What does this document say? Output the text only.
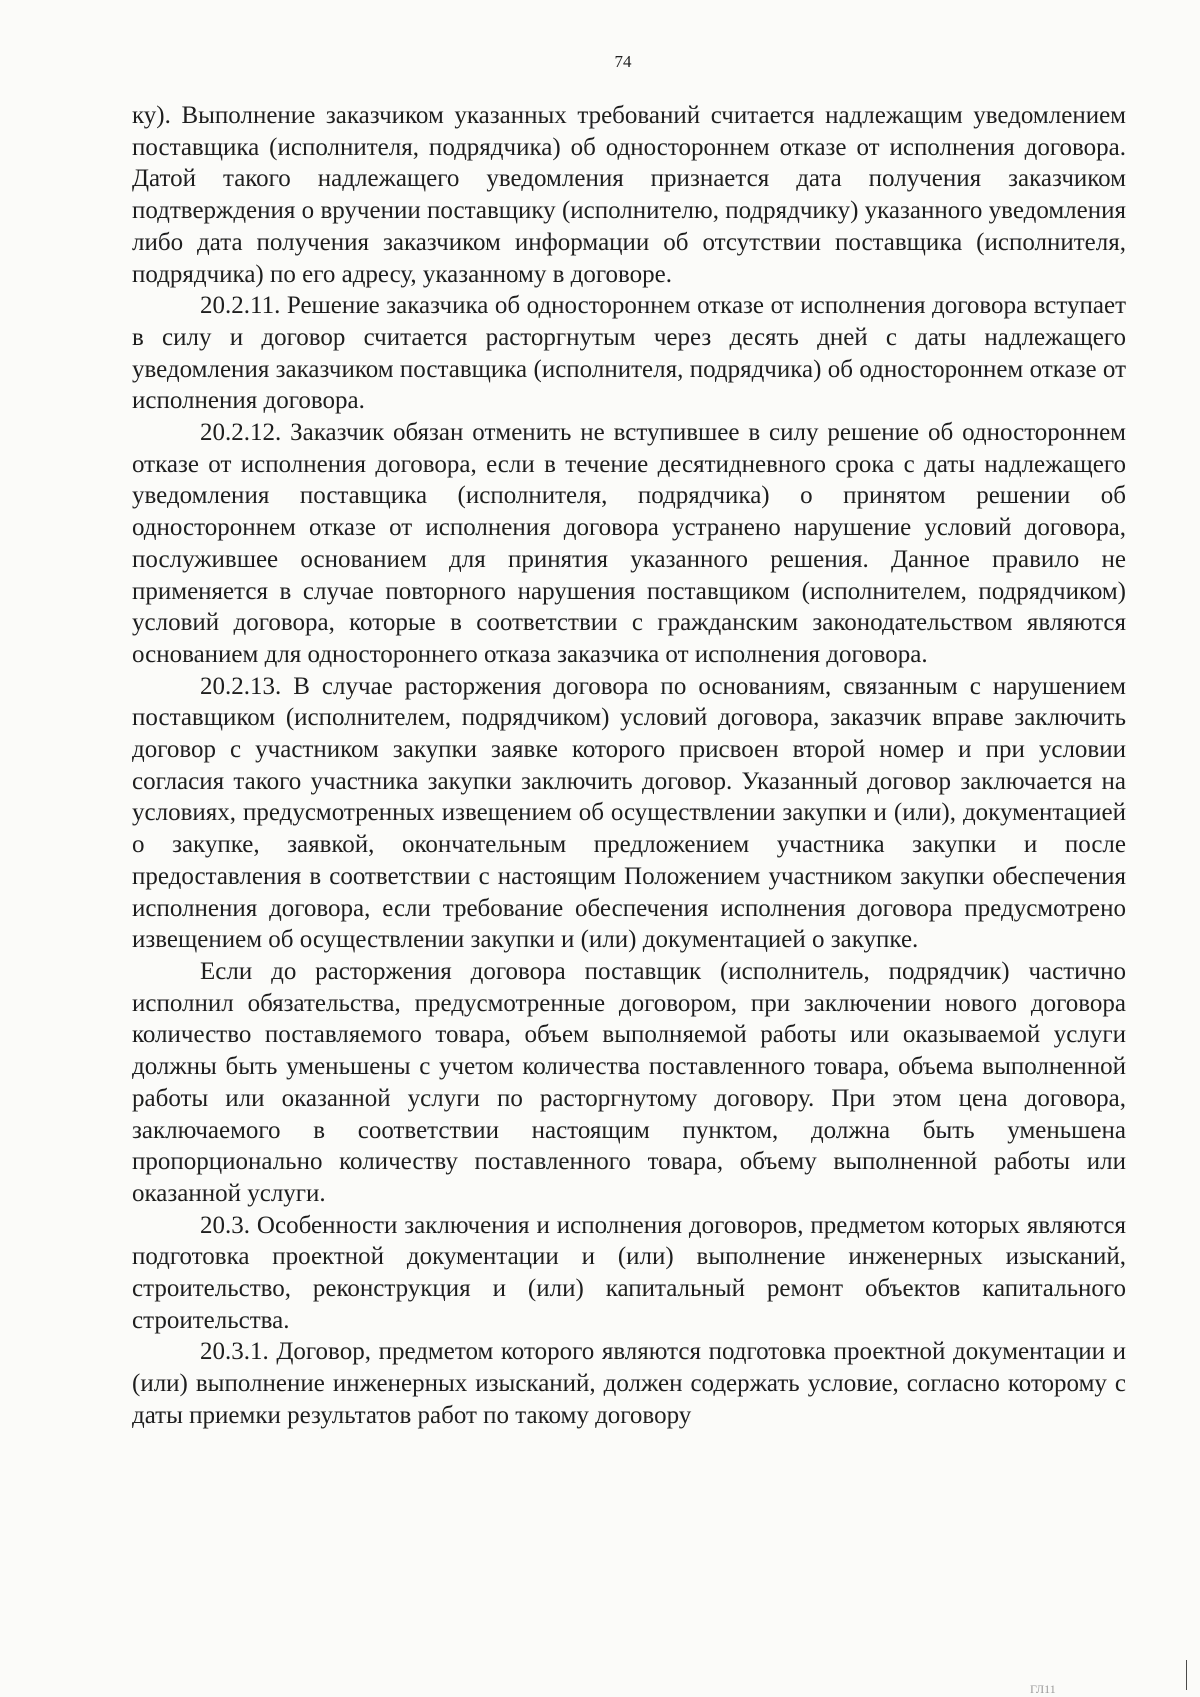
74

ку). Выполнение заказчиком указанных требований считается надлежащим уведомлением поставщика (исполнителя, подрядчика) об одностороннем отказе от исполнения договора. Датой такого надлежащего уведомления признается дата получения заказчиком подтверждения о вручении поставщику (исполнителю, подрядчику) указанного уведомления либо дата получения заказчиком информации об отсутствии поставщика (исполнителя, подрядчика) по его адресу, указанному в договоре.

20.2.11. Решение заказчика об одностороннем отказе от исполнения договора вступает в силу и договор считается расторгнутым через десять дней с даты надлежащего уведомления заказчиком поставщика (исполнителя, подрядчика) об одностороннем отказе от исполнения договора.

20.2.12. Заказчик обязан отменить не вступившее в силу решение об одностороннем отказе от исполнения договора, если в течение десятидневного срока с даты надлежащего уведомления поставщика (исполнителя, подрядчика) о принятом решении об одностороннем отказе от исполнения договора устранено нарушение условий договора, послужившее основанием для принятия указанного решения. Данное правило не применяется в случае повторного нарушения поставщиком (исполнителем, подрядчиком) условий договора, которые в соответствии с гражданским законодательством являются основанием для одностороннего отказа заказчика от исполнения договора.

20.2.13. В случае расторжения договора по основаниям, связанным с нарушением поставщиком (исполнителем, подрядчиком) условий договора, заказчик вправе заключить договор с участником закупки заявке которого присвоен второй номер и при условии согласия такого участника закупки заключить договор. Указанный договор заключается на условиях, предусмотренных извещением об осуществлении закупки и (или), документацией о закупке, заявкой, окончательным предложением участника закупки и после предоставления в соответствии с настоящим Положением участником закупки обеспечения исполнения договора, если требование обеспечения исполнения договора предусмотрено извещением об осуществлении закупки и (или) документацией о закупке.

Если до расторжения договора поставщик (исполнитель, подрядчик) частично исполнил обязательства, предусмотренные договором, при заключении нового договора количество поставляемого товара, объем выполняемой работы или оказываемой услуги должны быть уменьшены с учетом количества поставленного товара, объема выполненной работы или оказанной услуги по расторгнутому договору. При этом цена договора, заключаемого в соответствии настоящим пунктом, должна быть уменьшена пропорционально количеству поставленного товара, объему выполненной работы или оказанной услуги.

20.3. Особенности заключения и исполнения договоров, предметом которых являются подготовка проектной документации и (или) выполнение инженерных изысканий, строительство, реконструкция и (или) капитальный ремонт объектов капитального строительства.

20.3.1. Договор, предметом которого являются подготовка проектной документации и (или) выполнение инженерных изысканий, должен содержать условие, согласно которому с даты приемки результатов работ по такому договору

ГЛ11
